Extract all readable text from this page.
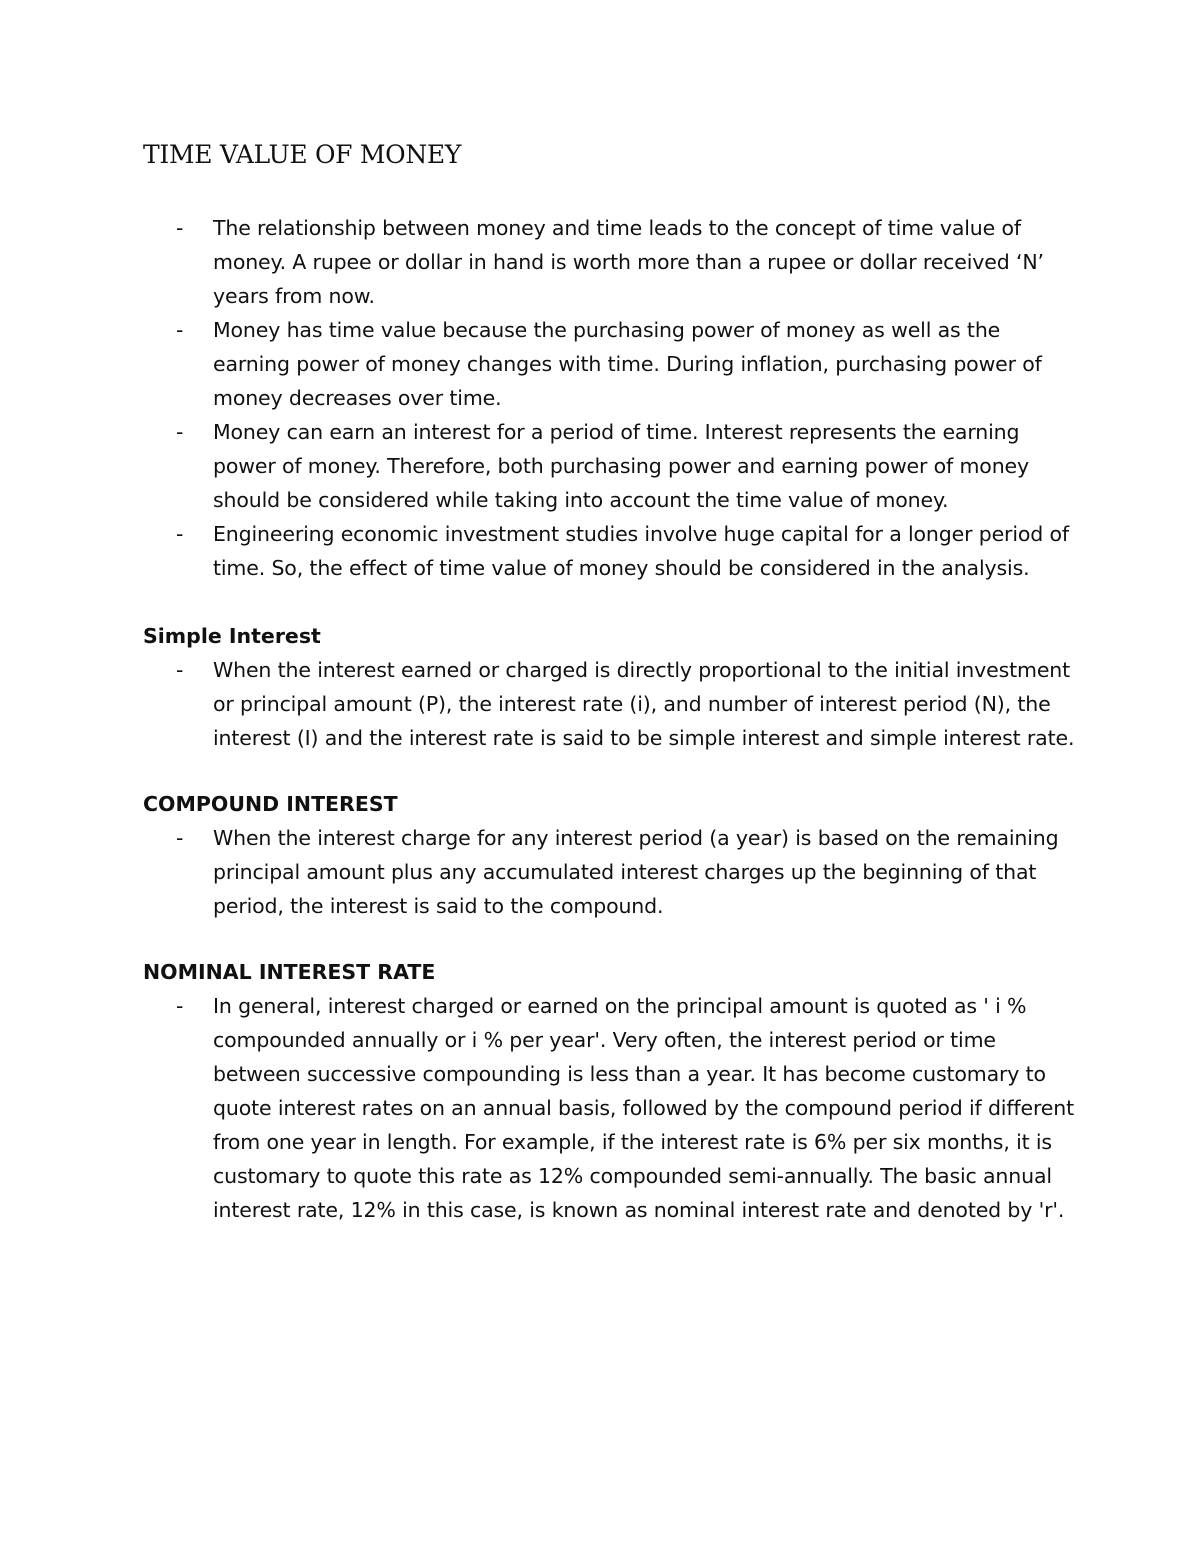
TIME VALUE OF MONEY
- The relationship between money and time leads to the concept of time value of money. A rupee or dollar in hand is worth more than a rupee or dollar received ‘N’ years from now.
- Money has time value because the purchasing power of money as well as the earning power of money changes with time. During inflation, purchasing power of money decreases over time.
- Money can earn an interest for a period of time. Interest represents the earning power of money. Therefore, both purchasing power and earning power of money should be considered while taking into account the time value of money.
- Engineering economic investment studies involve huge capital for a longer period of time. So, the effect of time value of money should be considered in the analysis.
Simple Interest
- When the interest earned or charged is directly proportional to the initial investment or principal amount (P), the interest rate (i), and number of interest period (N), the interest (I) and the interest rate is said to be simple interest and simple interest rate.
COMPOUND INTEREST
- When the interest charge for any interest period (a year) is based on the remaining principal amount plus any accumulated interest charges up the beginning of that period, the interest is said to the compound.
NOMINAL INTEREST RATE
- In general, interest charged or earned on the principal amount is quoted as ' i % compounded annually or i % per year'. Very often, the interest period or time between successive compounding is less than a year. It has become customary to quote interest rates on an annual basis, followed by the compound period if different from one year in length. For example, if the interest rate is 6% per six months, it is customary to quote this rate as 12% compounded semi-annually. The basic annual interest rate, 12% in this case, is known as nominal interest rate and denoted by 'r'.
